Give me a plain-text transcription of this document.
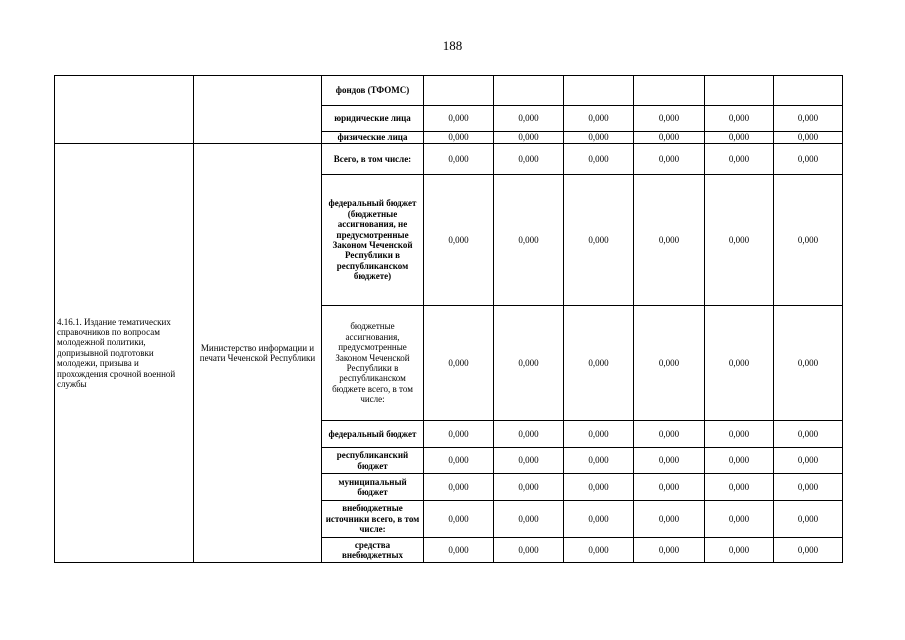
188
		фондов (ТФОМС)						
		юридические лица	0,000	0,000	0,000	0,000	0,000	0,000
		физические лица	0,000	0,000	0,000	0,000	0,000	0,000
4.16.1. Издание тематических справочников по вопросам молодежной политики, допризывной подготовки молодежи, призыва и прохождения срочной военной службы	Министерство информации и печати Чеченской Республики	Всего, в том числе:	0,000	0,000	0,000	0,000	0,000	0,000
		федеральный бюджет (бюджетные ассигнования, не предусмотренные Законом Чеченской Республики в республиканском бюджете)	0,000	0,000	0,000	0,000	0,000	0,000
		бюджетные ассигнования, предусмотренные Законом Чеченской Республики в республиканском бюджете всего, в том числе:	0,000	0,000	0,000	0,000	0,000	0,000
		федеральный бюджет	0,000	0,000	0,000	0,000	0,000	0,000
		республиканский бюджет	0,000	0,000	0,000	0,000	0,000	0,000
		муниципальный бюджет	0,000	0,000	0,000	0,000	0,000	0,000
		внебюджетные источники всего, в том числе:	0,000	0,000	0,000	0,000	0,000	0,000
		средства внебюджетных	0,000	0,000	0,000	0,000	0,000	0,000
